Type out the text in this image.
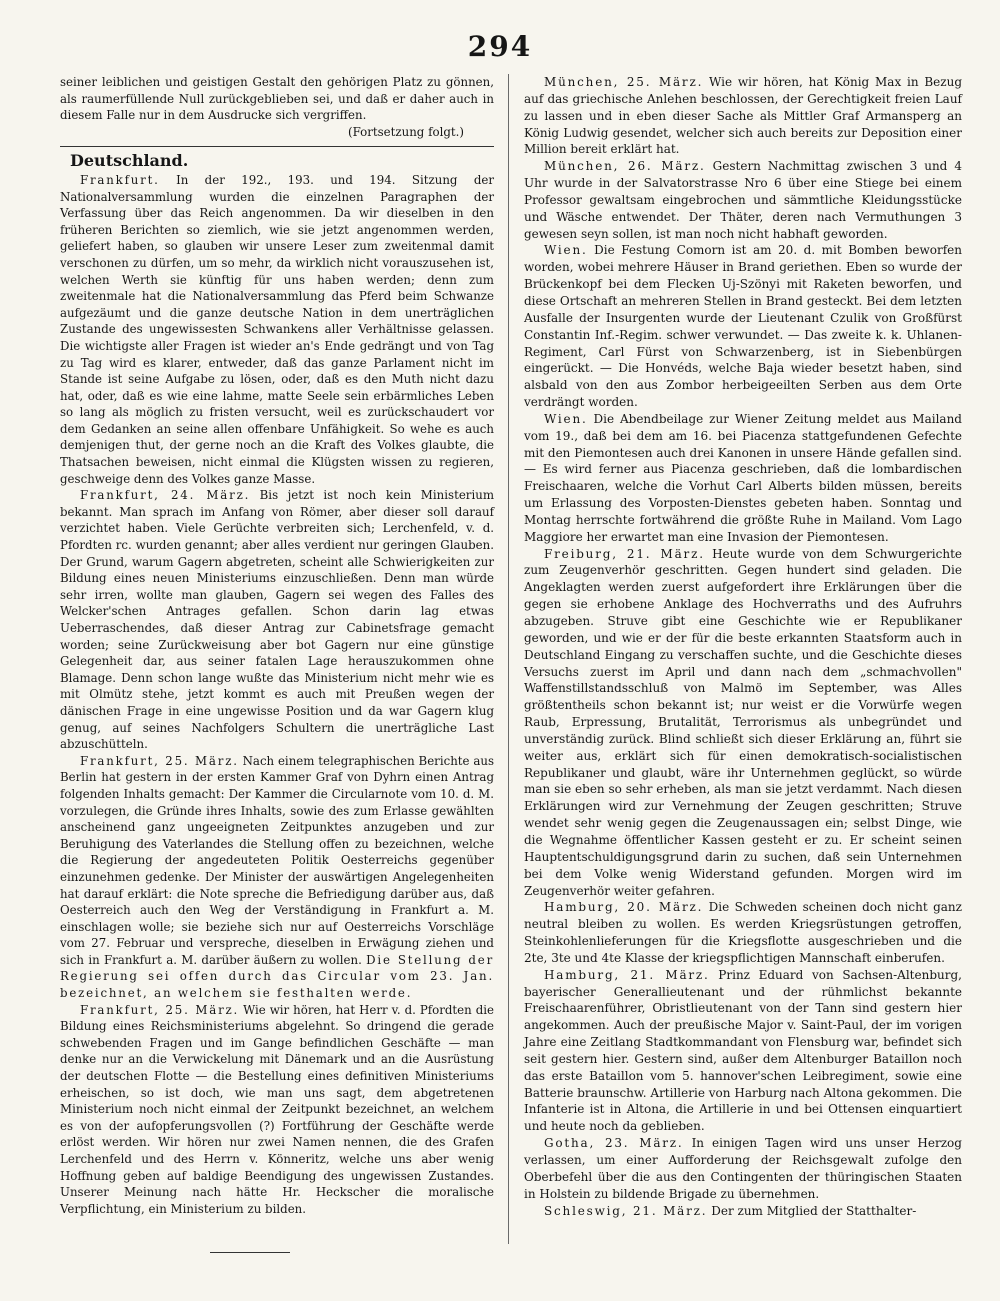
294

seiner leiblichen und geistigen Gestalt den gehörigen Platz zu gönnen, als raumerfüllende Null zurückgeblieben sei, und daß er daher auch in diesem Falle nur in dem Ausdrucke sich vergriffen.

(Fortsetzung folgt.)

Deutschland.

Frankfurt. In der 192., 193. und 194. Sitzung der Nationalversammlung wurden die einzelnen Paragraphen der Verfassung über das Reich angenommen. Da wir dieselben in den früheren Berichten so ziemlich, wie sie jetzt angenommen werden, geliefert haben, so glauben wir unsere Leser zum zweitenmal damit verschonen zu dürfen, um so mehr, da wirklich nicht vorauszusehen ist, welchen Werth sie künftig für uns haben werden; denn zum zweitenmale hat die Nationalversammlung das Pferd beim Schwanze aufgezäumt und die ganze deutsche Nation in dem unerträglichen Zustande des ungewissesten Schwankens aller Verhältnisse gelassen. Die wichtigste aller Fragen ist wieder an's Ende gedrängt und von Tag zu Tag wird es klarer, entweder, daß das ganze Parlament nicht im Stande ist seine Aufgabe zu lösen, oder, daß es den Muth nicht dazu hat, oder, daß es wie eine lahme, matte Seele sein erbärmliches Leben so lang als möglich zu fristen versucht, weil es zurückschaudert vor dem Gedanken an seine allen offenbare Unfähigkeit. So wehe es auch demjenigen thut, der gerne noch an die Kraft des Volkes glaubte, die Thatsachen beweisen, nicht einmal die Klügsten wissen zu regieren, geschweige denn des Volkes ganze Masse.

Frankfurt, 24. März. Bis jetzt ist noch kein Ministerium bekannt. Man sprach im Anfang von Römer, aber dieser soll darauf verzichtet haben. Viele Gerüchte verbreiten sich; Lerchenfeld, v. d. Pfordten rc. wurden genannt; aber alles verdient nur geringen Glauben. Der Grund, warum Gagern abgetreten, scheint alle Schwierigkeiten zur Bildung eines neuen Ministeriums einzuschließen. Denn man würde sehr irren, wollte man glauben, Gagern sei wegen des Falles des Welcker'schen Antrages gefallen. Schon darin lag etwas Ueberraschendes, daß dieser Antrag zur Cabinetsfrage gemacht worden; seine Zurückweisung aber bot Gagern nur eine günstige Gelegenheit dar, aus seiner fatalen Lage herauszukommen ohne Blamage. Denn schon lange wußte das Ministerium nicht mehr wie es mit Olmütz stehe, jetzt kommt es auch mit Preußen wegen der dänischen Frage in eine ungewisse Position und da war Gagern klug genug, auf seines Nachfolgers Schultern die unerträgliche Last abzuschütteln.

Frankfurt, 25. März. Nach einem telegraphischen Berichte aus Berlin hat gestern in der ersten Kammer Graf von Dyhrn einen Antrag folgenden Inhalts gemacht: Der Kammer die Circularnote vom 10. d. M. vorzulegen, die Gründe ihres Inhalts, sowie des zum Erlasse gewählten anscheinend ganz ungeeigneten Zeitpunktes anzugeben und zur Beruhigung des Vaterlandes die Stellung offen zu bezeichnen, welche die Regierung der angedeuteten Politik Oesterreichs gegenüber einzunehmen gedenke. Der Minister der auswärtigen Angelegenheiten hat darauf erklärt: die Note spreche die Befriedigung darüber aus, daß Oesterreich auch den Weg der Verständigung in Frankfurt a. M. einschlagen wolle; sie beziehe sich nur auf Oesterreichs Vorschläge vom 27. Februar und verspreche, dieselben in Erwägung ziehen und sich in Frankfurt a. M. darüber äußern zu wollen. Die Stellung der Regierung sei offen durch das Circular vom 23. Jan. bezeichnet, an welchem sie festhalten werde.

Frankfurt, 25. März. Wie wir hören, hat Herr v. d. Pfordten die Bildung eines Reichsministeriums abgelehnt. So dringend die gerade schwebenden Fragen und im Gange befindlichen Geschäfte — man denke nur an die Verwickelung mit Dänemark und an die Ausrüstung der deutschen Flotte — die Bestellung eines definitiven Ministeriums erheischen, so ist doch, wie man uns sagt, dem abgetretenen Ministerium noch nicht einmal der Zeitpunkt bezeichnet, an welchem es von der aufopferungsvollen (?) Fortführung der Geschäfte werde erlöst werden. Wir hören nur zwei Namen nennen, die des Grafen Lerchenfeld und des Herrn v. Könneritz, welche uns aber wenig Hoffnung geben auf baldige Beendigung des ungewissen Zustandes. Unserer Meinung nach hätte Hr. Heckscher die moralische Verpflichtung, ein Ministerium zu bilden.

München, 25. März. Wie wir hören, hat König Max in Bezug auf das griechische Anlehen beschlossen, der Gerechtigkeit freien Lauf zu lassen und in eben dieser Sache als Mittler Graf Armansperg an König Ludwig gesendet, welcher sich auch bereits zur Deposition einer Million bereit erklärt hat.

München, 26. März. Gestern Nachmittag zwischen 3 und 4 Uhr wurde in der Salvatorstrasse Nro 6 über eine Stiege bei einem Professor gewaltsam eingebrochen und sämmtliche Kleidungsstücke und Wäsche entwendet. Der Thäter, deren nach Vermuthungen 3 gewesen seyn sollen, ist man noch nicht habhaft geworden.

Wien. Die Festung Comorn ist am 20. d. mit Bomben beworfen worden, wobei mehrere Häuser in Brand geriethen. Eben so wurde der Brückenkopf bei dem Flecken Uj-Szönyi mit Raketen beworfen, und diese Ortschaft an mehreren Stellen in Brand gesteckt. Bei dem letzten Ausfalle der Insurgenten wurde der Lieutenant Czulik von Großfürst Constantin Inf.-Regim. schwer verwundet. — Das zweite k. k. Uhlanen-Regiment, Carl Fürst von Schwarzenberg, ist in Siebenbürgen eingerückt. — Die Honvéds, welche Baja wieder besetzt haben, sind alsbald von den aus Zombor herbeigeeilten Serben aus dem Orte verdrängt worden.

Wien. Die Abendbeilage zur Wiener Zeitung meldet aus Mailand vom 19., daß bei dem am 16. bei Piacenza stattgefundenen Gefechte mit den Piemontesen auch drei Kanonen in unsere Hände gefallen sind. — Es wird ferner aus Piacenza geschrieben, daß die lombardischen Freischaaren, welche die Vorhut Carl Alberts bilden müssen, bereits um Erlassung des Vorposten-Dienstes gebeten haben. Sonntag und Montag herrschte fortwährend die größte Ruhe in Mailand. Vom Lago Maggiore her erwartet man eine Invasion der Piemontesen.

Freiburg, 21. März. Heute wurde von dem Schwurgerichte zum Zeugenverhör geschritten. Gegen hundert sind geladen. Die Angeklagten werden zuerst aufgefordert ihre Erklärungen über die gegen sie erhobene Anklage des Hochverraths und des Aufruhrs abzugeben. Struve gibt eine Geschichte wie er Republikaner geworden, und wie er der für die beste erkannten Staatsform auch in Deutschland Eingang zu verschaffen suchte, und die Geschichte dieses Versuchs zuerst im April und dann nach dem „schmachvollen" Waffenstillstandsschluß von Malmö im September, was Alles größtentheils schon bekannt ist; nur weist er die Vorwürfe wegen Raub, Erpressung, Brutalität, Terrorismus als unbegründet und unverständig zurück. Blind schließt sich dieser Erklärung an, führt sie weiter aus, erklärt sich für einen demokratisch-socialistischen Republikaner und glaubt, wäre ihr Unternehmen geglückt, so würde man sie eben so sehr erheben, als man sie jetzt verdammt. Nach diesen Erklärungen wird zur Vernehmung der Zeugen geschritten; Struve wendet sehr wenig gegen die Zeugenaussagen ein; selbst Dinge, wie die Wegnahme öffentlicher Kassen gesteht er zu. Er scheint seinen Hauptentschuldigungsgrund darin zu suchen, daß sein Unternehmen bei dem Volke wenig Widerstand gefunden. Morgen wird im Zeugenverhör weiter gefahren.

Hamburg, 20. März. Die Schweden scheinen doch nicht ganz neutral bleiben zu wollen. Es werden Kriegsrüstungen getroffen, Steinkohlenlieferungen für die Kriegsflotte ausgeschrieben und die 2te, 3te und 4te Klasse der kriegspflichtigen Mannschaft einberufen.

Hamburg, 21. März. Prinz Eduard von Sachsen-Altenburg, bayerischer Generallieutenant und der rühmlichst bekannte Freischaarenführer, Obristlieutenant von der Tann sind gestern hier angekommen. Auch der preußische Major v. Saint-Paul, der im vorigen Jahre eine Zeitlang Stadtkommandant von Flensburg war, befindet sich seit gestern hier. Gestern sind, außer dem Altenburger Bataillon noch das erste Bataillon vom 5. hannover'schen Leibregiment, sowie eine Batterie braunschw. Artillerie von Harburg nach Altona gekommen. Die Infanterie ist in Altona, die Artillerie in und bei Ottensen einquartiert und heute noch da geblieben.

Gotha, 23. März. In einigen Tagen wird uns unser Herzog verlassen, um einer Aufforderung der Reichsgewalt zufolge den Oberbefehl über die aus den Contingenten der thüringischen Staaten in Holstein zu bildende Brigade zu übernehmen.

Schleswig, 21. März. Der zum Mitglied der Statthalter-
